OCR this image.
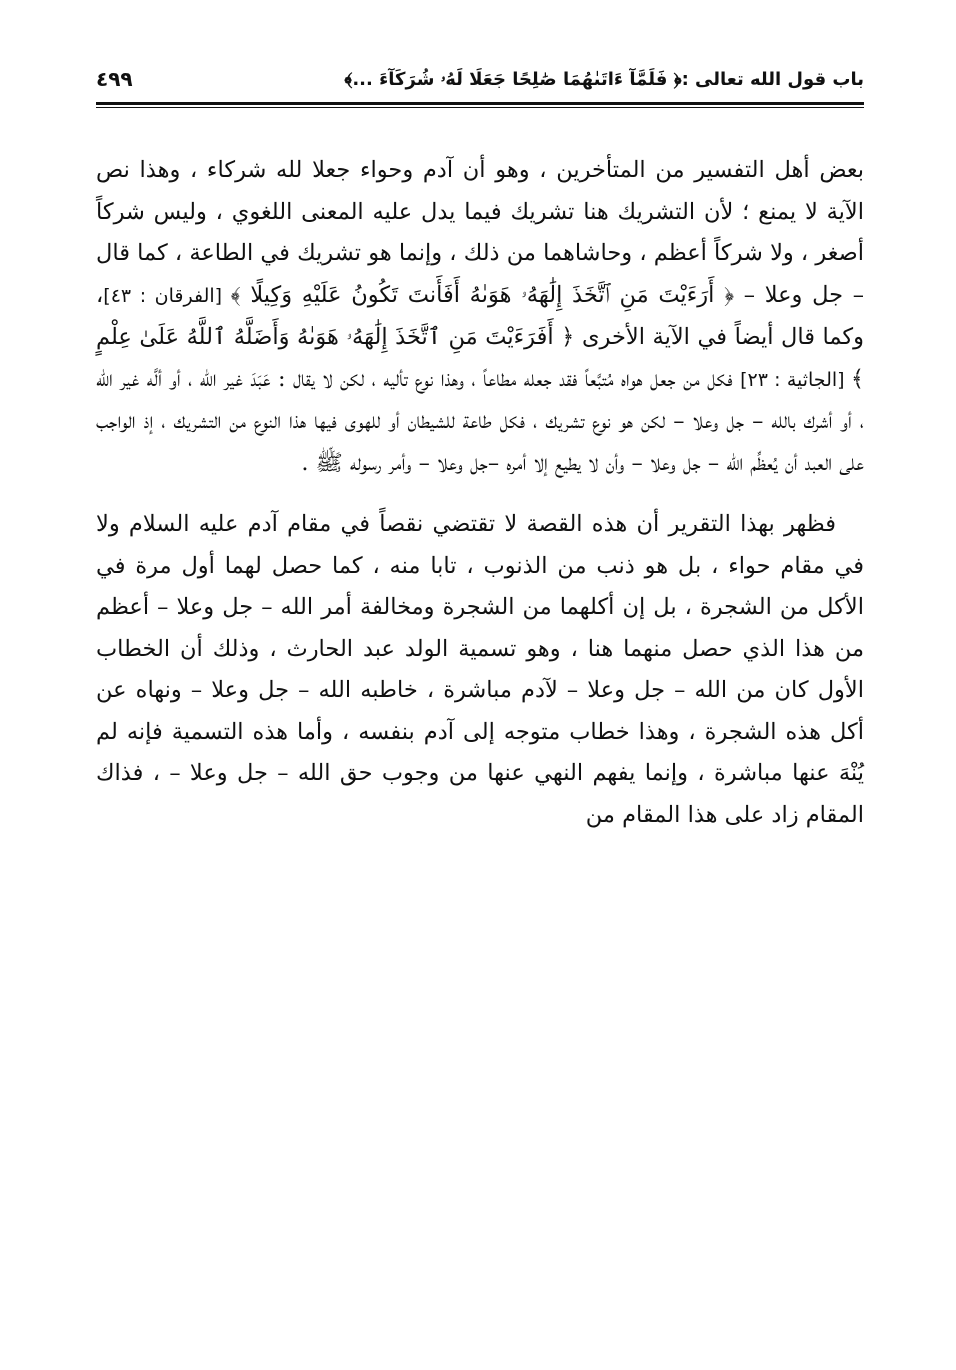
باب قول الله تعالى :﴿ فَلَمَّآ ءَاتَىٰهُمَا صَٰلِحًا جَعَلَا لَهُۥ شُرَكَآءَ ...﴾
٤٩٩

بعض أهل التفسير من المتأخرين ، وهو أن آدم وحواء جعلا لله شركاء ، وهذا نص الآية لا يمنع ؛ لأن التشريك هنا تشريك فيما يدل عليه المعنى اللغوي ، وليس شركاً أصغر ، ولا شركاً أعظم ، وحاشاهما من ذلك ، وإنما هو تشريك في الطاعة ، كما قال – جل وعلا – ﴿ أَرَءَيْتَ مَنِ ٱتَّخَذَ إِلَٰهَهُۥ هَوَىٰهُ أَفَأَنتَ تَكُونُ عَلَيْهِ وَكِيلًا ﴾ [الفرقان : ٤٣]، وكما قال أيضاً في الآية الأخرى ﴿ أَفَرَءَيْتَ مَنِ ٱتَّخَذَ إِلَٰهَهُۥ هَوَىٰهُ وَأَضَلَّهُ ٱللَّهُ عَلَىٰ عِلْمٍ ﴾ [الجاثية : ٢٣] فكل من جعل هواه مُتبَّعاً فقد جعله مطاعاً ، وهذا نوع تأليه ، لكن لا يقال : عَبَدَ غير الله ، أو ألَّه غير الله ، أو أشرك بالله – جل وعلا – لكن هو نوع تشريك ، فكل طاعة للشيطان أو للهوى فيها هذا النوع من التشريك ، إذ الواجب على العبد أن يُعظِّم الله – جل وعلا – وأن لا يطيع إلا أمره –جل وعلا – وأمر رسوله ﷺ .

فظهر بهذا التقرير أن هذه القصة لا تقتضي نقصاً في مقام آدم عليه السلام ولا في مقام حواء ، بل هو ذنب من الذنوب ، تابا منه ، كما حصل لهما أول مرة في الأكل من الشجرة ، بل إن أكلهما من الشجرة ومخالفة أمر الله – جل وعلا – أعظم من هذا الذي حصل منهما هنا ، وهو تسمية الولد عبد الحارث ، وذلك أن الخطاب الأول كان من الله – جل وعلا – لآدم مباشرة ، خاطبه الله – جل وعلا – ونهاه عن أكل هذه الشجرة ، وهذا خطاب متوجه إلى آدم بنفسه ، وأما هذه التسمية فإنه لم يُنْهَ عنها مباشرة ، وإنما يفهم النهي عنها من وجوب حق الله – جل وعلا – ، فذاك المقام زاد على هذا المقام من
